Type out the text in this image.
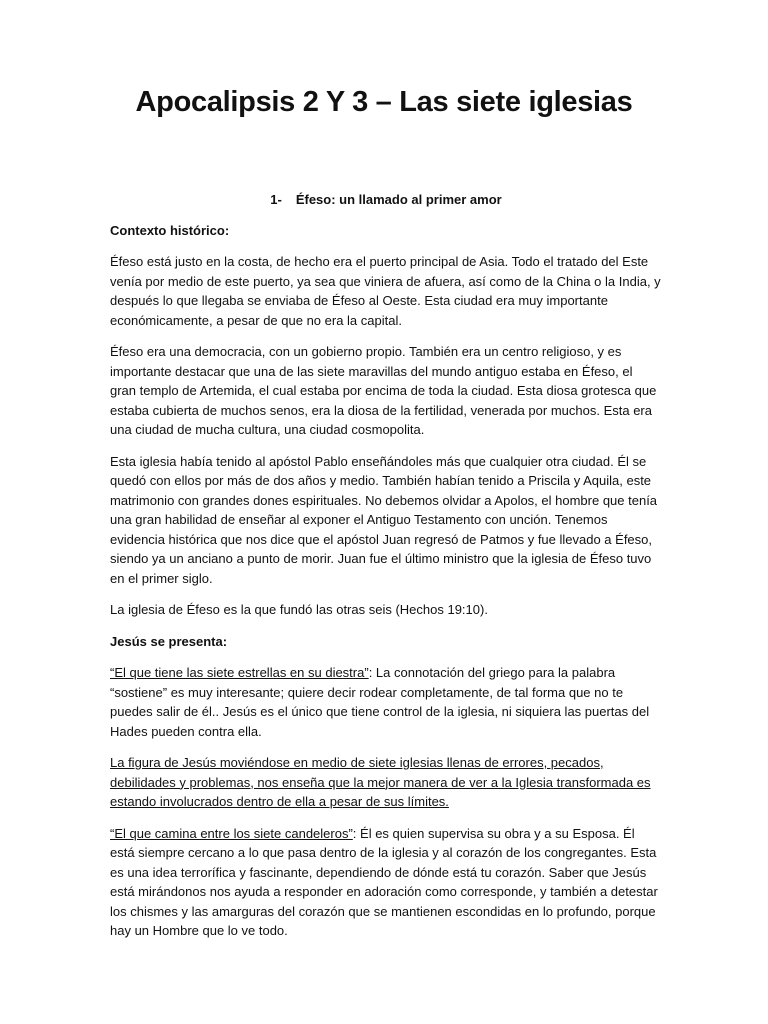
Apocalipsis 2 Y 3 – Las siete iglesias
1- Éfeso: un llamado al primer amor
Contexto histórico:

Éfeso está justo en la costa, de hecho era el puerto principal de Asia. Todo el tratado del Este venía por medio de este puerto, ya sea que viniera de afuera, así como de la China o la India, y después lo que llegaba se enviaba de Éfeso al Oeste. Esta ciudad era muy importante económicamente, a pesar de que no era la capital.

Éfeso era una democracia, con un gobierno propio. También era un centro religioso, y es importante destacar que una de las siete maravillas del mundo antiguo estaba en Éfeso, el gran templo de Artemida, el cual estaba por encima de toda la ciudad. Esta diosa grotesca que estaba cubierta de muchos senos, era la diosa de la fertilidad, venerada por muchos. Esta era una ciudad de mucha cultura, una ciudad cosmopolita.

Esta iglesia había tenido al apóstol Pablo enseñándoles más que cualquier otra ciudad. Él se quedó con ellos por más de dos años y medio. También habían tenido a Priscila y Aquila, este matrimonio con grandes dones espirituales. No debemos olvidar a Apolos, el hombre que tenía una gran habilidad de enseñar al exponer el Antiguo Testamento con unción. Tenemos evidencia histórica que nos dice que el apóstol Juan regresó de Patmos y fue llevado a Éfeso, siendo ya un anciano a punto de morir. Juan fue el último ministro que la iglesia de Éfeso tuvo en el primer siglo.

La iglesia de Éfeso es la que fundó las otras seis (Hechos 19:10).

Jesús se presenta:

“El que tiene las siete estrellas en su diestra”: La connotación del griego para la palabra “sostiene” es muy interesante; quiere decir rodear completamente, de tal forma que no te puedes salir de él.. Jesús es el único que tiene control de la iglesia, ni siquiera las puertas del Hades pueden contra ella.

La figura de Jesús moviéndose en medio de siete iglesias llenas de errores, pecados, debilidades y problemas, nos enseña que la mejor manera de ver a la Iglesia transformada es estando involucrados dentro de ella a pesar de sus límites.

“El que camina entre los siete candeleros”: Él es quien supervisa su obra y a su Esposa. Él está siempre cercano a lo que pasa dentro de la iglesia y al corazón de los congregantes. Esta es una idea terrorífica y fascinante, dependiendo de dónde está tu corazón. Saber que Jesús está mirándonos nos ayuda a responder en adoración como corresponde, y también a detestar los chismes y las amarguras del corazón que se mantienen escondidas en lo profundo, porque hay un Hombre que lo ve todo.
